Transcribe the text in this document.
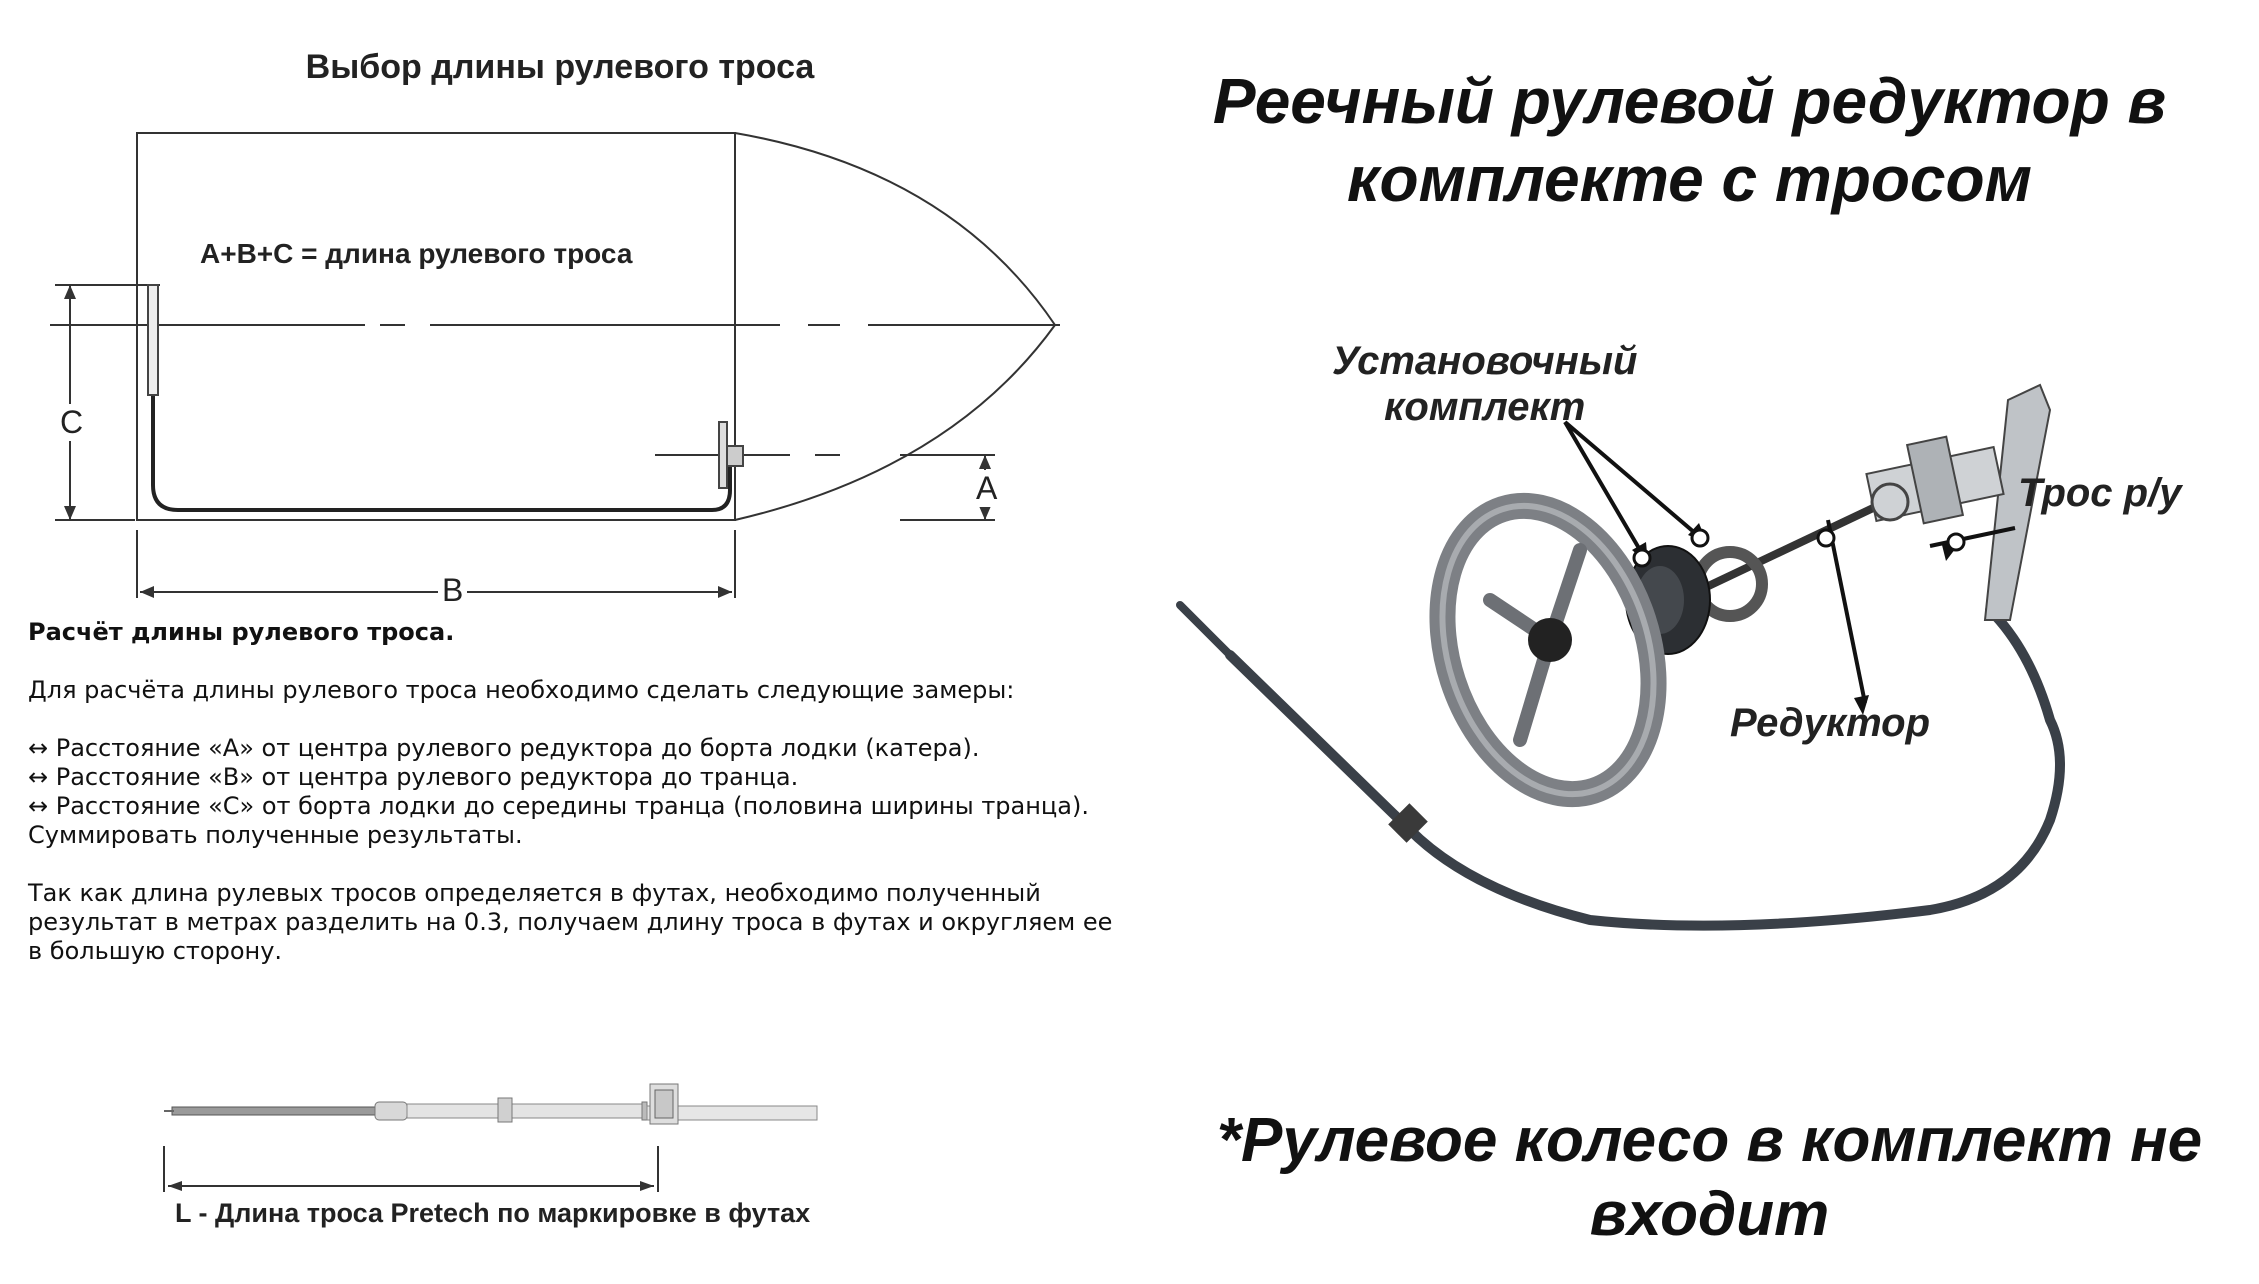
Выбор длины рулевого троса
A+B+C = длина рулевого троса
C
B
A

Расчёт длины рулевого троса.

Для расчёта длины рулевого троса необходимо сделать следующие замеры:

↔ Расстояние «А» от центра рулевого редуктора до борта лодки (катера).

↔ Расстояние «В» от центра рулевого редуктора до транца.

↔ Расстояние «С» от борта лодки до середины транца (половина ширины транца).

Суммировать полученные результаты.

Так как длина рулевых тросов определяется в футах, необходимо полученный результат в метрах разделить на 0.3, получаем длину троса в футах и округляем ее в большую сторону.

L - Длина троса Pretech по маркировке в футах
Реечный рулевой редуктор в
комплекте с тросом
Установочный
комплект
Трос р/у
Редуктор
*Рулевое колесо в комплект не
входит
